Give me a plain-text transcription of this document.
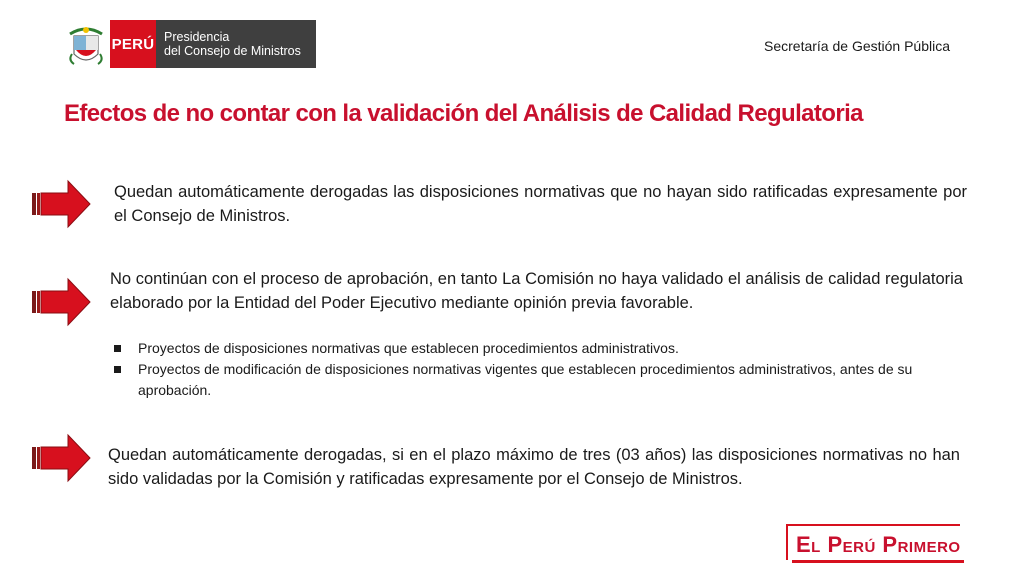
PERÚ Presidencia
del Consejo de Ministros	Secretaría de Gestión Pública
Efectos de no contar con la validación del Análisis de Calidad Regulatoria
Quedan automáticamente derogadas las disposiciones normativas que no hayan sido ratificadas expresamente por el Consejo de Ministros.
No continúan con el proceso de aprobación, en tanto La Comisión no haya validado el análisis de calidad regulatoria elaborado por la Entidad del Poder Ejecutivo mediante opinión previa favorable.
Proyectos de disposiciones normativas que establecen procedimientos administrativos.
Proyectos de modificación de disposiciones normativas vigentes que establecen procedimientos administrativos, antes de su aprobación.
Quedan automáticamente derogadas, si en el plazo máximo de tres (03 años) las disposiciones normativas no han sido validadas por la Comisión y ratificadas expresamente por el Consejo de Ministros.
El Perú Primero
